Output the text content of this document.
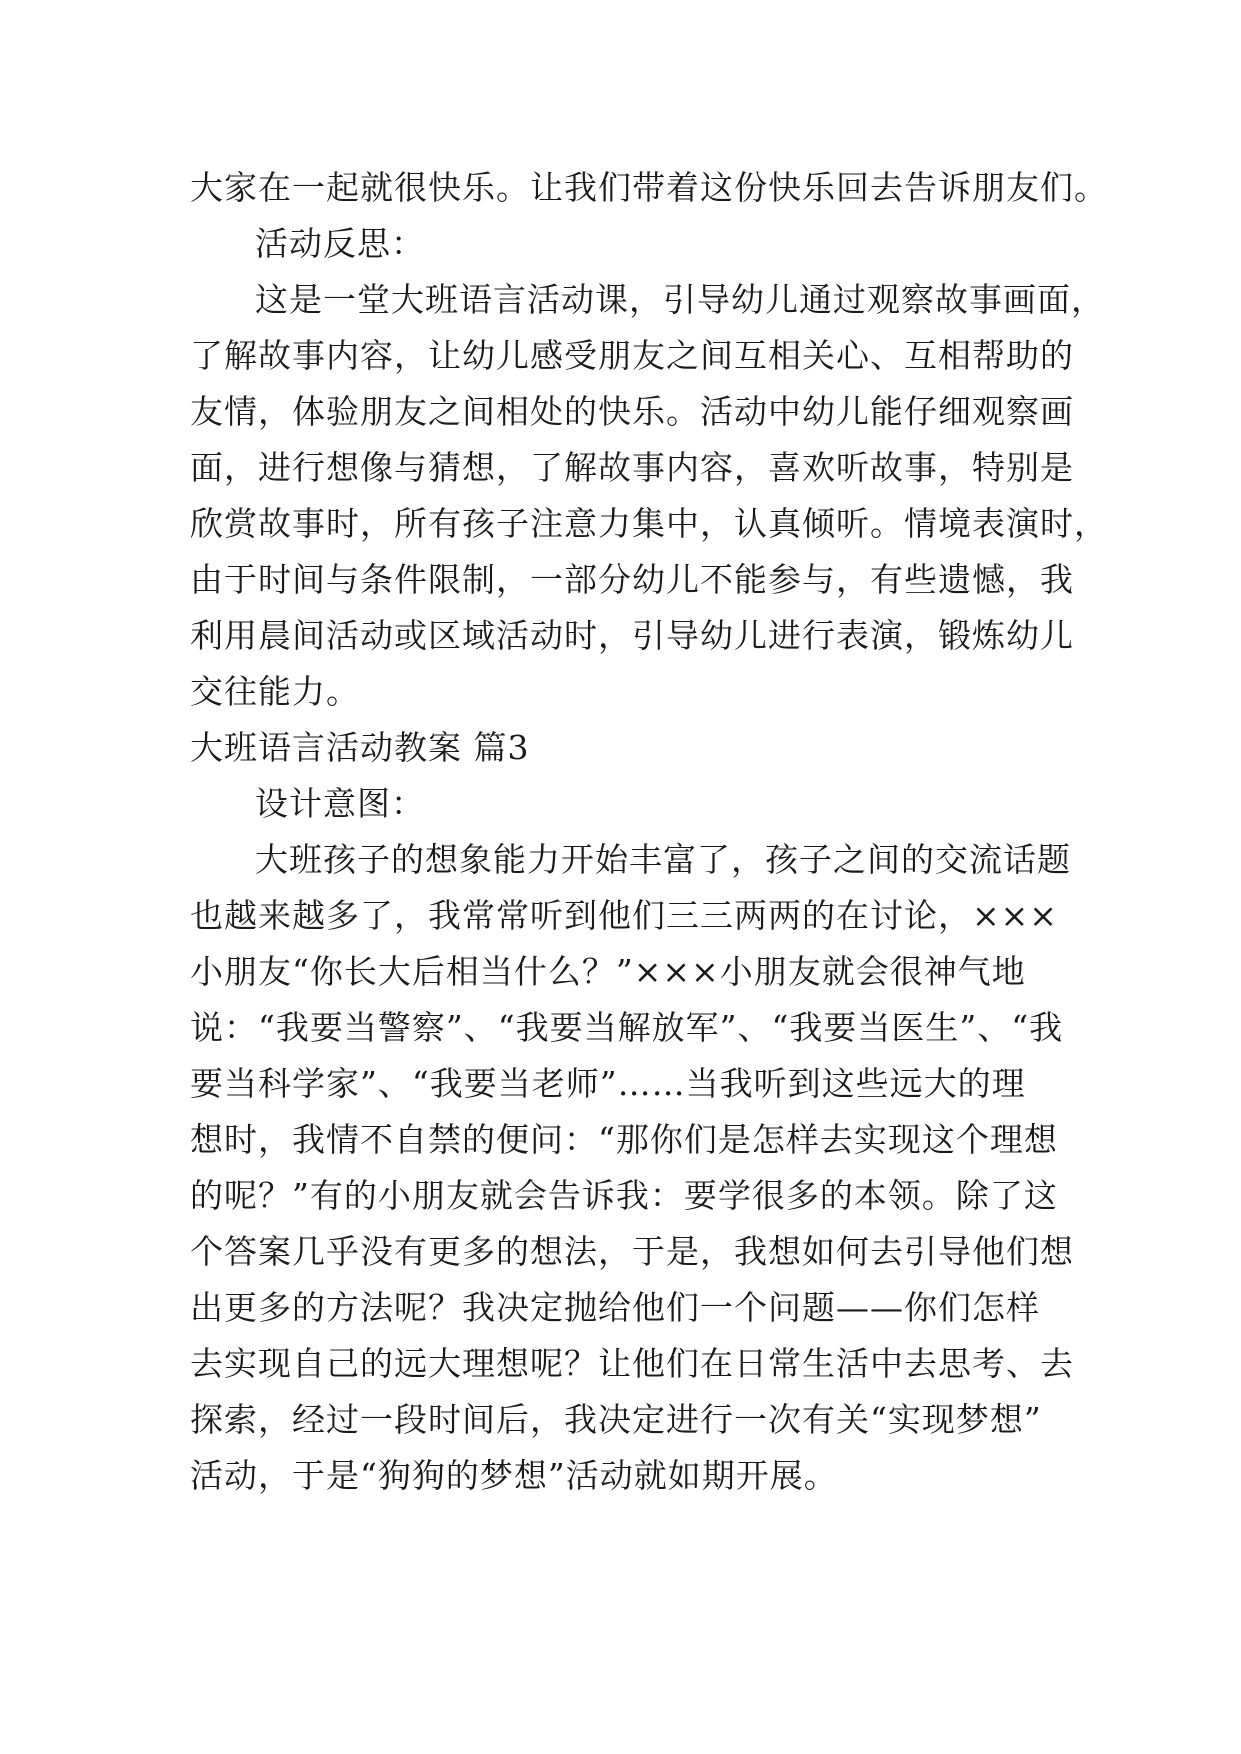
大家在一起就很快乐。让我们带着这份快乐回去告诉朋友们。
活动反思：
这是一堂大班语言活动课，引导幼儿通过观察故事画面，
了解故事内容，让幼儿感受朋友之间互相关心、互相帮助的
友情，体验朋友之间相处的快乐。活动中幼儿能仔细观察画
面，进行想像与猜想，了解故事内容，喜欢听故事，特别是
欣赏故事时，所有孩子注意力集中，认真倾听。情境表演时，
由于时间与条件限制，一部分幼儿不能参与，有些遗憾，我
利用晨间活动或区域活动时，引导幼儿进行表演，锻炼幼儿
交往能力。
大班语言活动教案 篇3
设计意图：
大班孩子的想象能力开始丰富了，孩子之间的交流话题
也越来越多了，我常常听到他们三三两两的在讨论，×××
小朋友“你长大后相当什么？”×××小朋友就会很神气地
说：“我要当警察”、“我要当解放军”、“我要当医生”、“我
要当科学家”、“我要当老师”……当我听到这些远大的理
想时，我情不自禁的便问：“那你们是怎样去实现这个理想
的呢？”有的小朋友就会告诉我：要学很多的本领。除了这
个答案几乎没有更多的想法，于是，我想如何去引导他们想
出更多的方法呢？我决定抛给他们一个问题——你们怎样
去实现自己的远大理想呢？让他们在日常生活中去思考、去
探索，经过一段时间后，我决定进行一次有关“实现梦想”
活动，于是“狗狗的梦想”活动就如期开展。
